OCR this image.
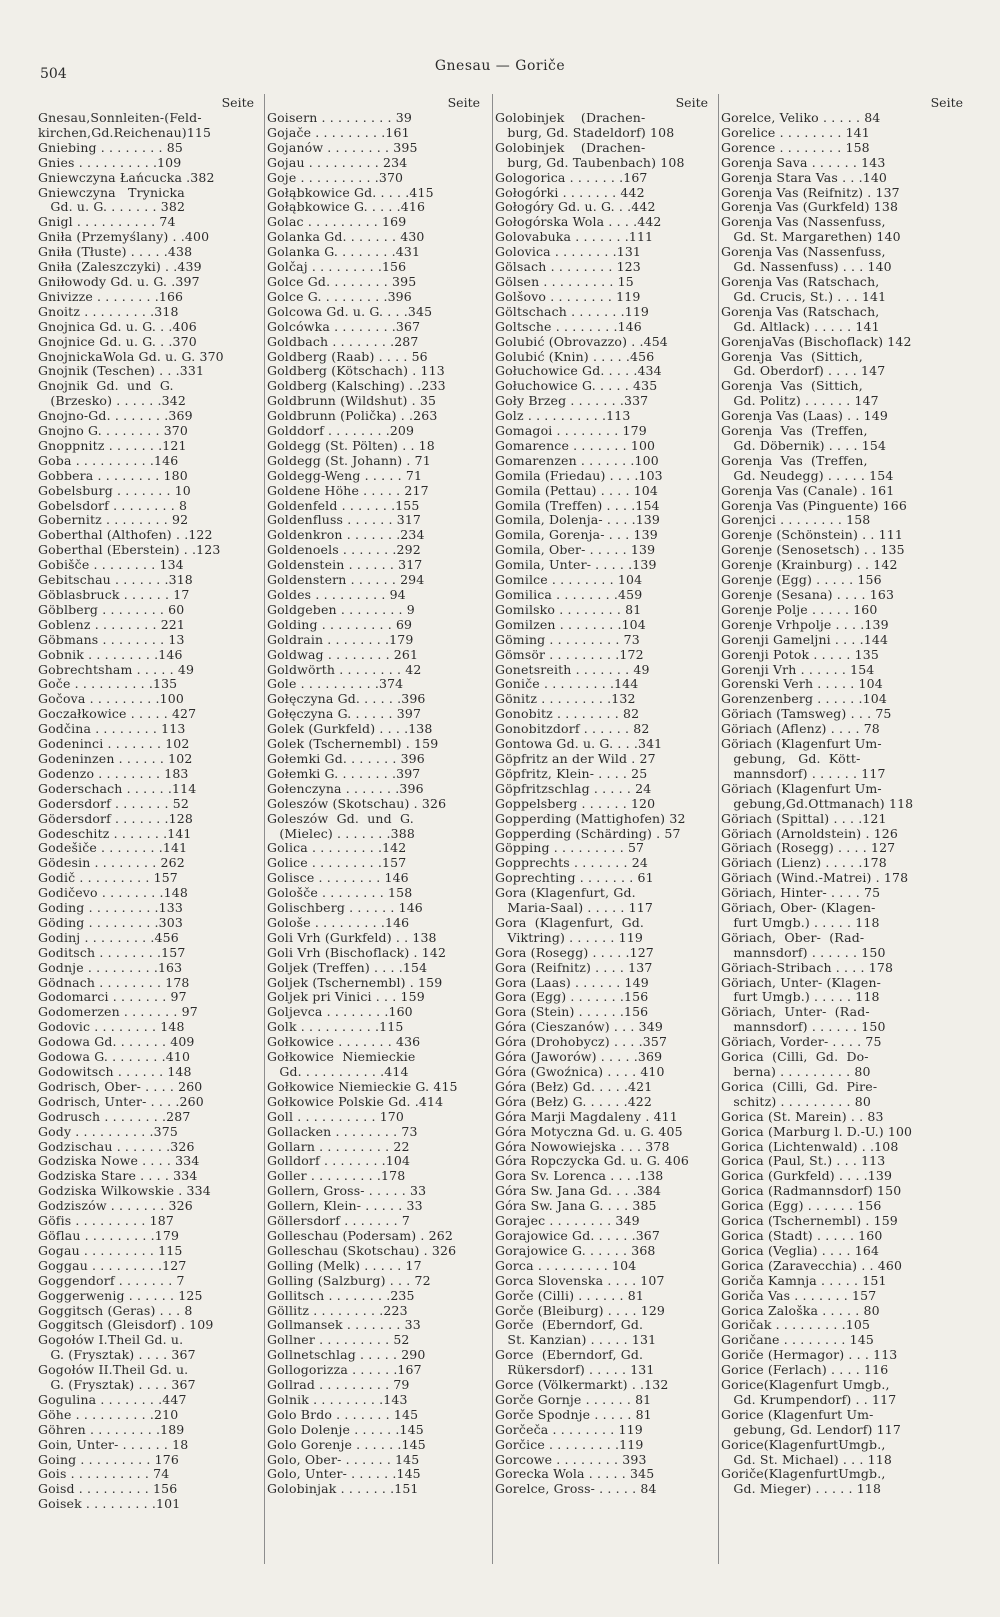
504	Gnesau — Goriče
Seite
Gnesau,Sonnleiten-(Feld-
kirchen,Gd.Reichenau)115
Gniebing . . . . . . . . 85
Gnies . . . . . . . . . .109
Gniewczyna Łańcucka .382
Gniewczyna   Trynicka
Gd. u. G. . . . . . . 382
Gnigl . . . . . . . . . . 74
Gniła (Przemyślany) . .400
Gniła (Tłuste) . . . . .438
Gniła (Zaleszczyki) . .439
Gniłowody Gd. u. G. .397
Gnivizze . . . . . . . .166
Gnoitz . . . . . . . . .318
Gnojnica Gd. u. G. . .406
Gnojnice Gd. u. G. . .370
GnojnickaWola Gd. u. G. 370
Gnojnik (Teschen) . . .331
Gnojnik  Gd.  und  G.
(Brzesko) . . . . . .342
Gnojno-Gd. . . . . . . .369
Gnojno G. . . . . . . . 370
Gnoppnitz . . . . . . .121
Goba . . . . . . . . . .146
Gobbera . . . . . . . . 180
Gobelsburg . . . . . . . 10
Gobelsdorf . . . . . . . . 8
Gobernitz . . . . . . . . 92
Goberthal (Althofen) . .122
Goberthal (Eberstein) . .123
Gobišče . . . . . . . . 134
Gebitschau . . . . . . .318
Göblasbruck . . . . . . 17
Göblberg . . . . . . . . 60
Goblenz . . . . . . . . 221
Göbmans . . . . . . . . 13
Gobnik . . . . . . . . .146
Gobrechtsham . . . . . 49
Goče . . . . . . . . . .135
Gočova . . . . . . . . .100
Goczałkowice . . . . . 427
Godčina . . . . . . . . 113
Godeninci . . . . . . . 102
Godeninzen . . . . . . 102
Godenzo . . . . . . . . 183
Goderschach . . . . . .114
Godersdorf . . . . . . . 52
Gödersdorf . . . . . . .128
Godeschitz . . . . . . .141
Godešiče . . . . . . . .141
Gödesin . . . . . . . . 262
Godič . . . . . . . . . 157
Godičevo . . . . . . . .148
Goding . . . . . . . . .133
Göding . . . . . . . . .303
Godinj . . . . . . . . .456
Goditsch . . . . . . . .157
Godnje . . . . . . . . .163
Gödnach . . . . . . . . 178
Godomarci . . . . . . . 97
Godomerzen . . . . . . . 97
Godovic . . . . . . . . 148
Godowa Gd. . . . . . . 409
Godowa G. . . . . . . .410
Godowitsch . . . . . . 148
Godrisch, Ober- . . . . 260
Godrisch, Unter- . . . .260
Godrusch . . . . . . . .287
Gody . . . . . . . . . .375
Godzischau . . . . . . .326
Godziska Nowe . . . . 334
Godziska Stare . . . . 334
Godziska Wilkowskie . 334
Godziszów . . . . . . . 326
Göfis . . . . . . . . . 187
Göflau . . . . . . . . .179
Gogau . . . . . . . . . 115
Goggau . . . . . . . . .127
Goggendorf . . . . . . . 7
Goggerwenig . . . . . . 125
Goggitsch (Geras) . . . 8
Goggitsch (Gleisdorf) . 109
Gogołów I.Theil Gd. u.
G. (Frysztak) . . . . 367
Gogołów II.Theil Gd. u.
G. (Frysztak) . . . . 367
Gogulina . . . . . . . .447
Göhe . . . . . . . . . .210
Göhren . . . . . . . . .189
Goin, Unter- . . . . . . 18
Going . . . . . . . . . 176
Gois . . . . . . . . . . 74
Goisd . . . . . . . . . 156
Goisek . . . . . . . . .101
Seite
Goisern . . . . . . . . . 39
Gojače . . . . . . . . .161
Gojanów . . . . . . . . 395
Gojau . . . . . . . . . 234
Goje . . . . . . . . . .370
Gołąbkowice Gd. . . . .415
Gołąbkowice G. . . . .416
Golac . . . . . . . . . 169
Golanka Gd. . . . . . . 430
Golanka G. . . . . . . .431
Golčaj . . . . . . . . .156
Golce Gd. . . . . . . . 395
Golce G. . . . . . . . .396
Golcowa Gd. u. G. . . .345
Golcówka . . . . . . . .367
Goldbach . . . . . . . .287
Goldberg (Raab) . . . . 56
Goldberg (Kötschach) . 113
Goldberg (Kalsching) . .233
Goldbrunn (Wildshut) . 35
Goldbrunn (Polička) . .263
Golddorf . . . . . . . .209
Goldegg (St. Pölten) . . 18
Goldegg (St. Johann) . 71
Goldegg-Weng . . . . . 71
Goldene Höhe . . . . . 217
Goldenfeld . . . . . . .155
Goldenfluss . . . . . . 317
Goldenkron . . . . . . .234
Goldenoels . . . . . . .292
Goldenstein . . . . . . 317
Goldenstern . . . . . . 294
Goldes . . . . . . . . . 94
Goldgeben . . . . . . . . 9
Golding . . . . . . . . . 69
Goldrain . . . . . . . .179
Goldwag . . . . . . . . 261
Goldwörth . . . . . . . . 42
Gole . . . . . . . . . .374
Gołęczyna Gd. . . . . .396
Gołęczyna G. . . . . . 397
Golek (Gurkfeld) . . . .138
Golek (Tschernembl) . 159
Gołemki Gd. . . . . . . 396
Gołemki G. . . . . . . .397
Gołenczyna . . . . . . .396
Goleszów (Skotschau) . 326
Goleszów  Gd.  und  G.
(Mielec) . . . . . . .388
Golica . . . . . . . . .142
Golice . . . . . . . . .157
Golisce . . . . . . . . 146
Gološče . . . . . . . . 158
Golischberg . . . . . . 146
Gološe . . . . . . . . .146
Goli Vrh (Gurkfeld) . . 138
Goli Vrh (Bischoflack) . 142
Goljek (Treffen) . . . .154
Goljek (Tschernembl) . 159
Goljek pri Vinici . . . 159
Goljevca . . . . . . . .160
Golk . . . . . . . . . .115
Gołkowice . . . . . . . 436
Gołkowice  Niemieckie
Gd. . . . . . . . . . .414
Gołkowice Niemieckie G. 415
Gołkowice Polskie Gd. .414
Goll . . . . . . . . . . 170
Gollacken . . . . . . . . 73
Gollarn . . . . . . . . . 22
Golldorf . . . . . . . .104
Goller . . . . . . . . .178
Gollern, Gross- . . . . . 33
Gollern, Klein- . . . . . 33
Göllersdorf . . . . . . . 7
Golleschau (Podersam) . 262
Golleschau (Skotschau) . 326
Golling (Melk) . . . . . 17
Golling (Salzburg) . . . 72
Gollitsch . . . . . . . .235
Göllitz . . . . . . . . .223
Gollmansek . . . . . . . 33
Gollner . . . . . . . . . 52
Gollnetschlag . . . . . 290
Gollogorizza . . . . . .167
Gollrad . . . . . . . . . 79
Golnik . . . . . . . . .143
Golo Brdo . . . . . . . 145
Golo Dolenje . . . . . .145
Golo Gorenje . . . . . .145
Golo, Ober- . . . . . . 145
Golo, Unter- . . . . . .145
Golobinjak . . . . . . .151
Seite
Golobinjek    (Drachen-
burg, Gd. Stadeldorf) 108
Golobinjek    (Drachen-
burg, Gd. Taubenbach) 108
Gologorica . . . . . . .167
Gołogórki . . . . . . . 442
Gołogóry Gd. u. G. . .442
Gołogórska Wola . . . .442
Golovabuka . . . . . . .111
Golovica . . . . . . . .131
Gölsach . . . . . . . . 123
Gölsen . . . . . . . . . 15
Golšovo . . . . . . . . 119
Göltschach . . . . . . .119
Goltsche . . . . . . . .146
Golubić (Obrovazzo) . .454
Golubić (Knin) . . . . .456
Gołuchowice Gd. . . . .434
Gołuchowice G. . . . . 435
Goły Brzeg . . . . . . .337
Golz . . . . . . . . . .113
Gomagoi . . . . . . . . 179
Gomarence . . . . . . . 100
Gomarenzen . . . . . . .100
Gomila (Friedau) . . . .103
Gomila (Pettau) . . . . 104
Gomila (Treffen) . . . .154
Gomila, Dolenja- . . . .139
Gomila, Gorenja- . . . 139
Gomila, Ober- . . . . . 139
Gomila, Unter- . . . . .139
Gomilce . . . . . . . . 104
Gomilica . . . . . . . .459
Gomilsko . . . . . . . . 81
Gomilzen . . . . . . . .104
Göming . . . . . . . . . 73
Gömsör . . . . . . . . .172
Gonetsreith . . . . . . . 49
Goniče . . . . . . . . .144
Gönitz . . . . . . . . .132
Gonobitz . . . . . . . . 82
Gonobitzdorf . . . . . . 82
Gontowa Gd. u. G. . . .341
Göpfritz an der Wild . 27
Göpfritz, Klein- . . . . 25
Göpfritzschlag . . . . . 24
Goppelsberg . . . . . . 120
Gopperding (Mattighofen) 32
Gopperding (Schärding) . 57
Göpping . . . . . . . . . 57
Gopprechts . . . . . . . 24
Goprechting . . . . . . . 61
Gora (Klagenfurt, Gd.
Maria-Saal) . . . . . 117
Gora  (Klagenfurt,  Gd.
Viktring) . . . . . . 119
Gora (Rosegg) . . . . .127
Gora (Reifnitz) . . . . 137
Gora (Laas) . . . . . . 149
Gora (Egg) . . . . . . .156
Gora (Stein) . . . . . .156
Góra (Cieszanów) . . . 349
Góra (Drohobycz) . . . .357
Góra (Jaworów) . . . . .369
Góra (Gwoźnica) . . . . 410
Góra (Bełz) Gd. . . . .421
Góra (Bełz) G. . . . . .422
Góra Marji Magdaleny . 411
Góra Motyczna Gd. u. G. 405
Góra Nowowiejska . . . 378
Góra Ropczycka Gd. u. G. 406
Gora Sv. Lorenca . . . .138
Góra Sw. Jana Gd. . . .384
Góra Sw. Jana G. . . . 385
Gorajec . . . . . . . . 349
Gorajowice Gd. . . . . .367
Gorajowice G. . . . . . 368
Gorca . . . . . . . . . 104
Gorca Slovenska . . . . 107
Gorče (Cilli) . . . . . . 81
Gorče (Bleiburg) . . . . 129
Gorče  (Eberndorf, Gd.
St. Kanzian) . . . . . 131
Gorce  (Eberndorf, Gd.
Rükersdorf) . . . . . 131
Gorce (Völkermarkt) . .132
Gorče Gornje . . . . . . 81
Gorče Spodnje . . . . . 81
Gorčeča . . . . . . . . 119
Gorčice . . . . . . . . .119
Gorcowe . . . . . . . . 393
Gorecka Wola . . . . . 345
Gorelce, Gross- . . . . . 84
Seite
Gorelce, Veliko . . . . . 84
Gorelice . . . . . . . . 141
Gorence . . . . . . . . 158
Gorenja Sava . . . . . . 143
Gorenja Stara Vas . . .140
Gorenja Vas (Reifnitz) . 137
Gorenja Vas (Gurkfeld) 138
Gorenja Vas (Nassenfuss,
Gd. St. Margarethen) 140
Gorenja Vas (Nassenfuss,
Gd. Nassenfuss) . . . 140
Gorenja Vas (Ratschach,
Gd. Crucis, St.) . . . 141
Gorenja Vas (Ratschach,
Gd. Altlack) . . . . . 141
GorenjaVas (Bischoflack) 142
Gorenja  Vas  (Sittich,
Gd. Oberdorf) . . . . 147
Gorenja  Vas  (Sittich,
Gd. Politz) . . . . . . 147
Gorenja Vas (Laas) . . 149
Gorenja  Vas  (Treffen,
Gd. Döbernik) . . . . 154
Gorenja  Vas  (Treffen,
Gd. Neudegg) . . . . . 154
Gorenja Vas (Canale) . 161
Gorenja Vas (Pinguente) 166
Gorenjci . . . . . . . . 158
Gorenje (Schönstein) . . 111
Gorenje (Senosetsch) . . 135
Gorenje (Krainburg) . . 142
Gorenje (Egg) . . . . . 156
Gorenje (Sesana) . . . . 163
Gorenje Polje . . . . . 160
Gorenje Vrhpolje . . . .139
Gorenji Gameljni . . . .144
Gorenji Potok . . . . . 135
Gorenji Vrh . . . . . . 154
Gorenski Verh . . . . . 104
Gorenzenberg . . . . . .104
Göriach (Tamsweg) . . . 75
Göriach (Aflenz) . . . . 78
Göriach (Klagenfurt Um-
gebung,   Gd.  Kött-
mannsdorf) . . . . . . 117
Göriach (Klagenfurt Um-
gebung,Gd.Ottmanach) 118
Göriach (Spittal) . . . .121
Göriach (Arnoldstein) . 126
Göriach (Rosegg) . . . . 127
Göriach (Lienz) . . . . .178
Göriach (Wind.-Matrei) . 178
Göriach, Hinter- . . . . 75
Göriach, Ober- (Klagen-
furt Umgb.) . . . . . 118
Göriach,  Ober-  (Rad-
mannsdorf) . . . . . . 150
Göriach-Stribach . . . . 178
Göriach, Unter- (Klagen-
furt Umgb.) . . . . . 118
Göriach,  Unter-  (Rad-
mannsdorf) . . . . . . 150
Göriach, Vorder- . . . . 75
Gorica  (Cilli,  Gd.  Do-
berna) . . . . . . . . . 80
Gorica  (Cilli,  Gd.  Pire-
schitz) . . . . . . . . . 80
Gorica (St. Marein) . . 83
Gorica (Marburg l. D.-U.) 100
Gorica (Lichtenwald) . .108
Gorica (Paul, St.) . . . 113
Gorica (Gurkfeld) . . . .139
Gorica (Radmannsdorf) 150
Gorica (Egg) . . . . . . 156
Gorica (Tschernembl) . 159
Gorica (Stadt) . . . . . 160
Gorica (Veglia) . . . . 164
Gorica (Zaravecchia) . . 460
Goriča Kamnja . . . . . 151
Goriča Vas . . . . . . . 157
Gorica Zaloška . . . . . 80
Goričak . . . . . . . . .105
Goričane . . . . . . . . 145
Goriče (Hermagor) . . . 113
Gorice (Ferlach) . . . . 116
Gorice(Klagenfurt Umgb.,
Gd. Krumpendorf) . . 117
Gorice (Klagenfurt Um-
gebung, Gd. Lendorf) 117
Gorice(KlagenfurtUmgb.,
Gd. St. Michael) . . . 118
Goriče(KlagenfurtUmgb.,
Gd. Mieger) . . . . . 118
